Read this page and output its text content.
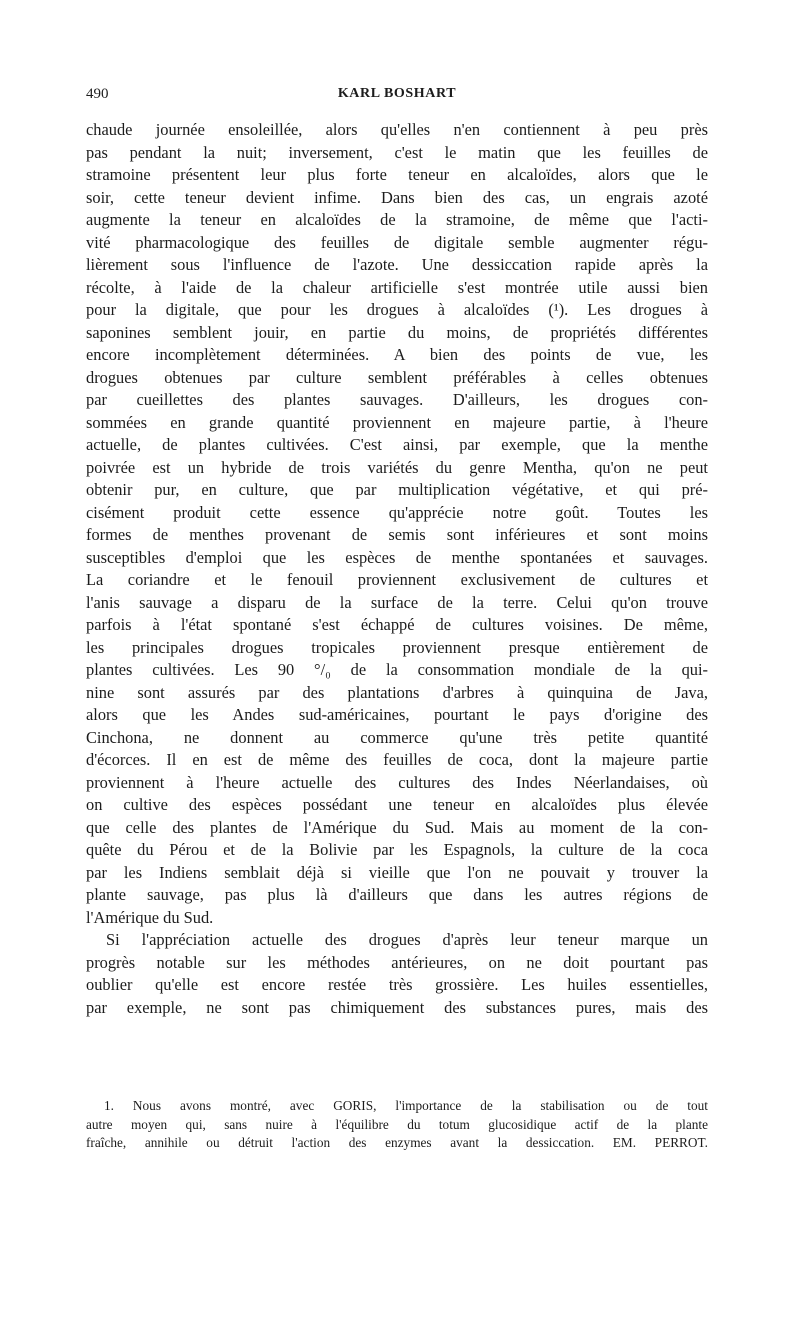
490	KARL BOSHART
chaude journée ensoleillée, alors qu'elles n'en contiennent à peu près
pas pendant la nuit; inversement, c'est le matin que les feuilles de
stramoine présentent leur plus forte teneur en alcaloïdes, alors que le
soir, cette teneur devient infime. Dans bien des cas, un engrais azoté
augmente la teneur en alcaloïdes de la stramoine, de même que l'acti-
vité pharmacologique des feuilles de digitale semble augmenter régu-
lièrement sous l'influence de l'azote. Une dessiccation rapide après la
récolte, à l'aide de la chaleur artificielle s'est montrée utile aussi bien
pour la digitale, que pour les drogues à alcaloïdes (¹). Les drogues à
saponines semblent jouir, en partie du moins, de propriétés différentes
encore incomplètement déterminées. A bien des points de vue, les
drogues obtenues par culture semblent préférables à celles obtenues
par cueillettes des plantes sauvages. D'ailleurs, les drogues con-
sommées en grande quantité proviennent en majeure partie, à l'heure
actuelle, de plantes cultivées. C'est ainsi, par exemple, que la menthe
poivrée est un hybride de trois variétés du genre Mentha, qu'on ne peut
obtenir pur, en culture, que par multiplication végétative, et qui pré-
cisément produit cette essence qu'apprécie notre goût. Toutes les
formes de menthes provenant de semis sont inférieures et sont moins
susceptibles d'emploi que les espèces de menthe spontanées et sauvages.
La coriandre et le fenouil proviennent exclusivement de cultures et
l'anis sauvage a disparu de la surface de la terre. Celui qu'on trouve
parfois à l'état spontané s'est échappé de cultures voisines. De même,
les principales drogues tropicales proviennent presque entièrement de
plantes cultivées. Les 90 °/₀ de la consommation mondiale de la qui-
nine sont assurés par des plantations d'arbres à quinquina de Java,
alors que les Andes sud-américaines, pourtant le pays d'origine des
Cinchona, ne donnent au commerce qu'une très petite quantité
d'écorces. Il en est de même des feuilles de coca, dont la majeure partie
proviennent à l'heure actuelle des cultures des Indes Néerlandaises, où
on cultive des espèces possédant une teneur en alcaloïdes plus élevée
que celle des plantes de l'Amérique du Sud. Mais au moment de la con-
quête du Pérou et de la Bolivie par les Espagnols, la culture de la coca
par les Indiens semblait déjà si vieille que l'on ne pouvait y trouver la
plante sauvage, pas plus là d'ailleurs que dans les autres régions de
l'Amérique du Sud.
Si l'appréciation actuelle des drogues d'après leur teneur marque un
progrès notable sur les méthodes antérieures, on ne doit pourtant pas
oublier qu'elle est encore restée très grossière. Les huiles essentielles,
par exemple, ne sont pas chimiquement des substances pures, mais des
1. Nous avons montré, avec GORIS, l'importance de la stabilisation ou de tout
autre moyen qui, sans nuire à l'équilibre du totum glucosidique actif de la plante
fraîche, annihile ou détruit l'action des enzymes avant la dessiccation. EM. PERROT.
